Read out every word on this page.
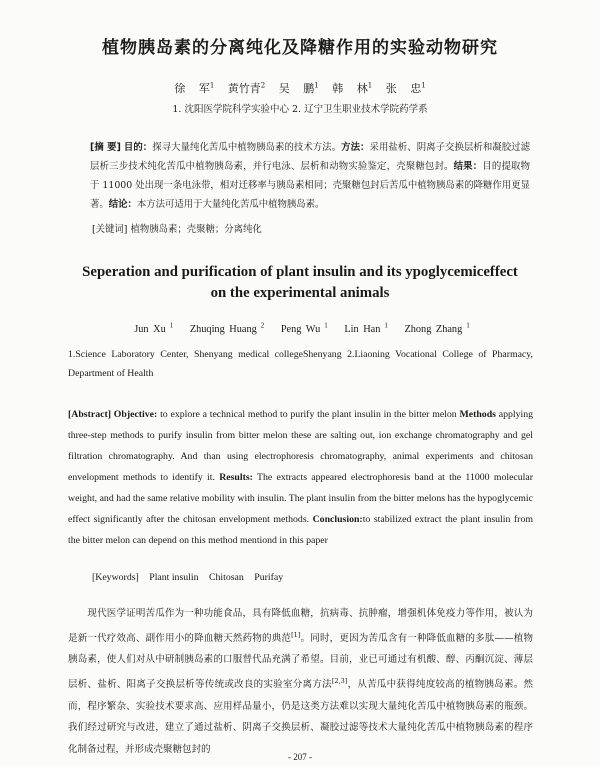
植物胰岛素的分离纯化及降糖作用的实验动物研究
徐 军$^1$ 黄竹青$^2$ 吴 鹏$^1$ 韩 林$^1$ 张 忠$^1$
1. 沈阳医学院科学实验中心 2. 辽宁卫生职业技术学院药学系
[摘 要] 目的：探寻大量纯化苦瓜中植物胰岛素的技术方法。方法：采用盐析、阴离子交换层析和凝胶过滤层析三步技术纯化苦瓜中植物胰岛素，并行电泳、层析和动物实验鉴定，壳聚糖包封。结果：目的提取物于 11000 处出现一条电泳带，相对迁移率与胰岛素相同；壳聚糖包封后苦瓜中植物胰岛素的降糖作用更显著。结论：本方法可适用于大量纯化苦瓜中植物胰岛素。
[关键词] 植物胰岛素；壳聚糖；分离纯化
Seperation and purification of plant insulin and its ypoglycemiceffect
on the experimental animals
Jun Xu $^1$ Zhuqing Huang $^2$ Peng Wu $^1$ Lin Han $^1$ Zhong Zhang $^1$
1.Science Laboratory Center, Shenyang medical collegeShenyang 2.Liaoning Vocational College of Pharmacy, Department of Health
[Abstract] Objective: to explore a technical method to purify the plant insulin in the bitter melon Methods applying three-step methods to purify insulin from bitter melon these are salting out, ion exchange chromatography and gel filtration chromatography. And than using electrophoresis chromatography, animal experiments and chitosan envelopment methods to identify it. Results: The extracts appeared electrophoresis band at the 11000 molecular weight, and had the same relative mobility with insulin. The plant insulin from the bitter melons has the hypoglycemic effect significantly after the chitosan envelopment methods. Conclusion:to stabilized extract the plant insulin from the bitter melon can depend on this method mentiond in this paper
[Keywords] Plant insulin Chitosan Purifay
　　现代医学证明苦瓜作为一种功能食品，具有降低血糖，抗病毒、抗肿瘤，增强机体免疫力等作用，被认为是新一代疗效高、副作用小的降血糖天然药物的典范[1]。同时，更因为苦瓜含有一种降低血糖的多肽——植物胰岛素，使人们对从中研制胰岛素的口服替代品充满了希望。目前，业已可通过有机酸、醇、丙酮沉淀、薄层层析、盐析、阳离子交换层析等传统或改良的实验室分离方法[2,3]，从苦瓜中获得纯度较高的植物胰岛素。然而，程序繁杂、实验技术要求高、应用样品量小，仍是这类方法难以实现大量纯化苦瓜中植物胰岛素的瓶颈。我们经过研究与改进，建立了通过盐析、阴离子交换层析、凝胶过滤等技术大量纯化苦瓜中植物胰岛素的程序化制备过程，并形成壳聚糖包封的
- 207 -
